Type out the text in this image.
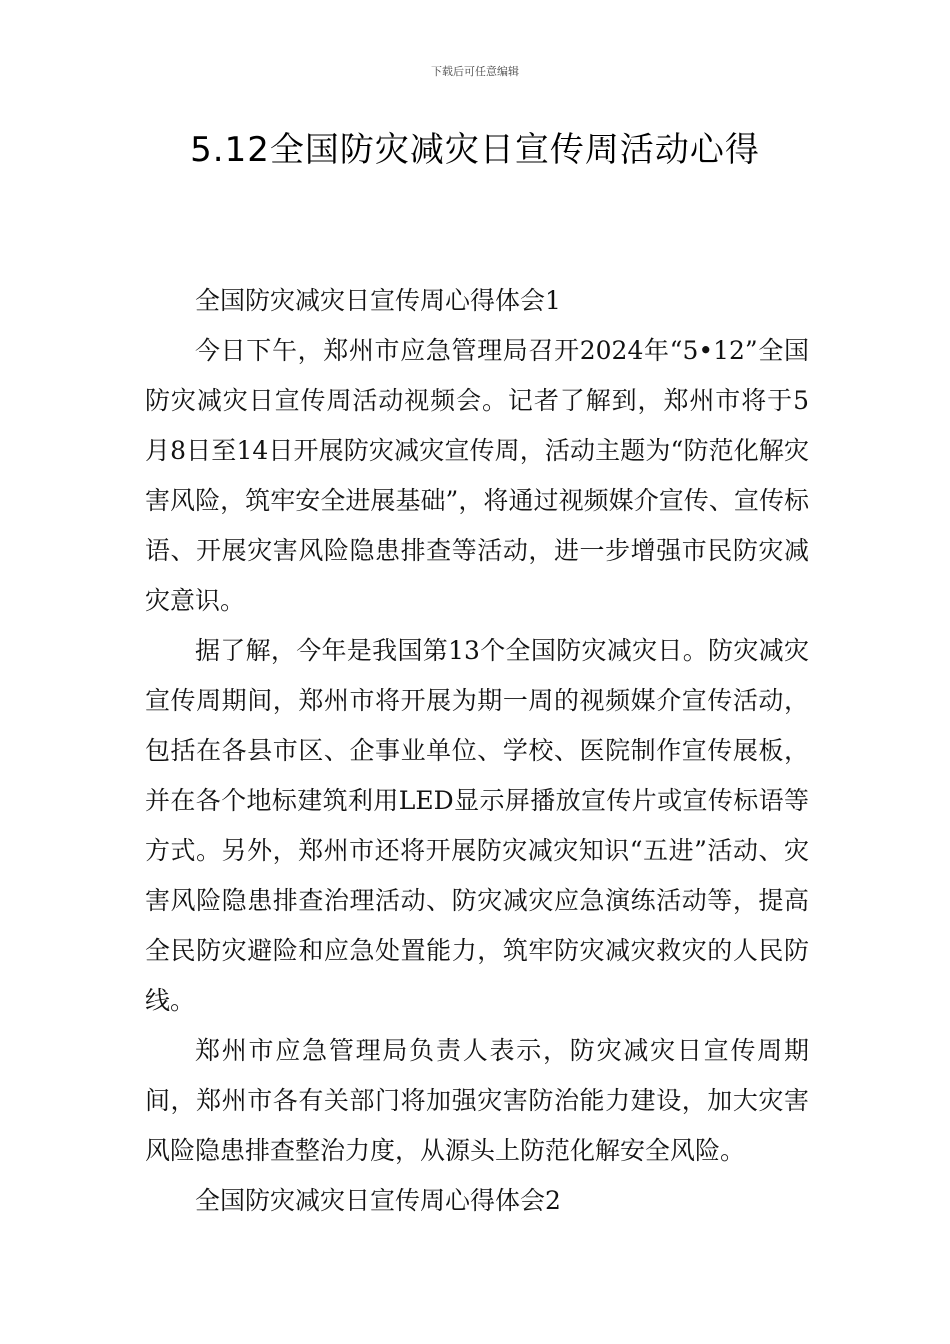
下载后可任意编辑
5.12全国防灾减灾日宣传周活动心得

全国防灾减灾日宣传周心得体会1

今日下午，郑州市应急管理局召开2024年“5•12”全国防灾减灾日宣传周活动视频会。记者了解到，郑州市将于5月8日至14日开展防灾减灾宣传周，活动主题为“防范化解灾害风险，筑牢安全进展基础”，将通过视频媒介宣传、宣传标语、开展灾害风险隐患排查等活动，进一步增强市民防灾减灾意识。

据了解，今年是我国第13个全国防灾减灾日。防灾减灾宣传周期间，郑州市将开展为期一周的视频媒介宣传活动，包括在各县市区、企事业单位、学校、医院制作宣传展板，并在各个地标建筑利用LED显示屏播放宣传片或宣传标语等方式。另外，郑州市还将开展防灾减灾知识“五进”活动、灾害风险隐患排查治理活动、防灾减灾应急演练活动等，提高全民防灾避险和应急处置能力，筑牢防灾减灾救灾的人民防线。

郑州市应急管理局负责人表示，防灾减灾日宣传周期间，郑州市各有关部门将加强灾害防治能力建设，加大灾害风险隐患排查整治力度，从源头上防范化解安全风险。

全国防灾减灾日宣传周心得体会2
